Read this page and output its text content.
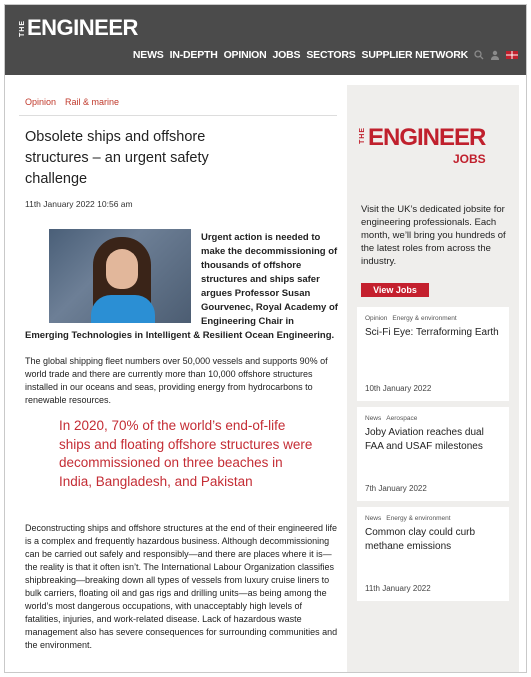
THE ENGINEER
NEWS IN-DEPTH OPINION JOBS SECTORS SUPPLIER NETWORK
Opinion Rail & marine
Obsolete ships and offshore structures – an urgent safety challenge
11th January 2022 10:56 am
Urgent action is needed to make the decommissioning of thousands of offshore structures and ships safer argues Professor Susan Gourvenec, Royal Academy of Engineering Chair in Emerging Technologies in Intelligent & Resilient Ocean Engineering.

The global shipping fleet numbers over 50,000 vessels and supports 90% of world trade and there are currently more than 10,000 offshore structures installed in our oceans and seas, providing energy from hydrocarbons to renewable resources.

In 2020, 70% of the world’s end-of-life ships and floating offshore structures were decommissioned on three beaches in India, Bangladesh, and Pakistan

Deconstructing ships and offshore structures at the end of their engineered life is a complex and frequently hazardous business. Although decommissioning can be carried out safely and responsibly—and there are places where it is—the reality is that it often isn’t. The International Labour Organization classifies shipbreaking—breaking down all types of vessels from luxury cruise liners to bulk carriers, floating oil and gas rigs and drilling units—as being among the world’s most dangerous occupations, with unacceptably high levels of fatalities, injuries, and work-related disease. Lack of hazardous waste management also has severe consequences for surrounding communities and the environment.

THE ENGINEER
JOBS

Visit the UK’s dedicated jobsite for engineering professionals. Each month, we’ll bring you hundreds of the latest roles from across the industry.

View Jobs
Opinion Energy & environment
Sci-Fi Eye: Terraforming Earth
10th January 2022
News Aerospace
Joby Aviation reaches dual FAA and USAF milestones
7th January 2022
News Energy & environment
Common clay could curb methane emissions
11th January 2022
